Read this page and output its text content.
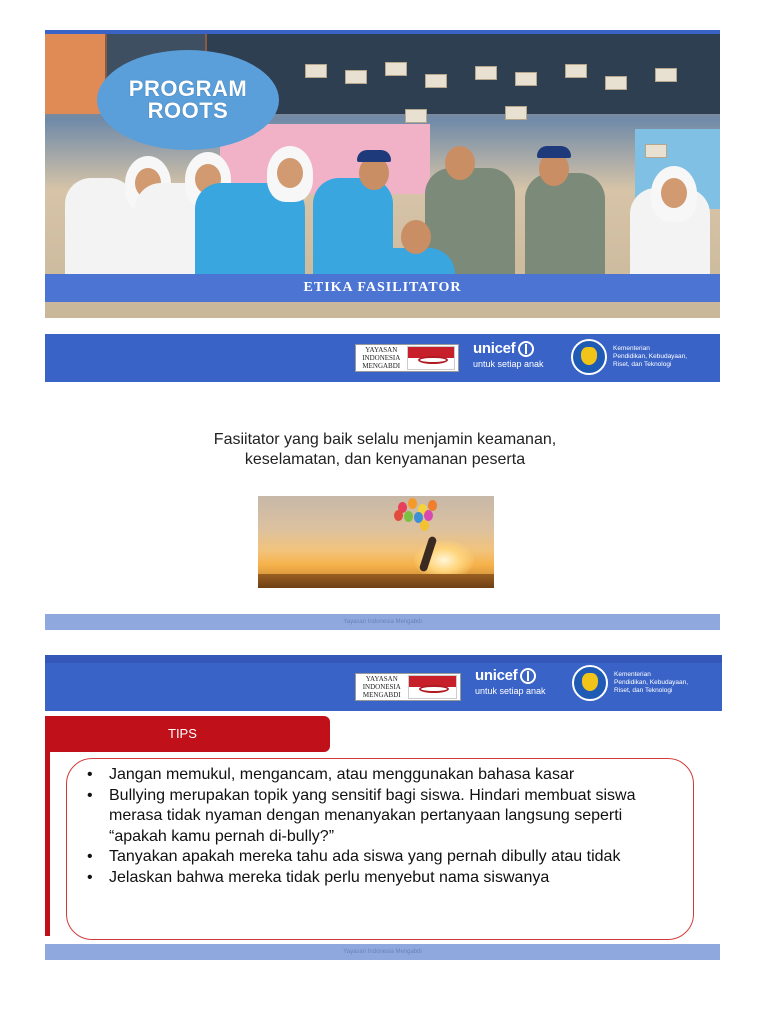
PROGRAM
ROOTS
ETIKA FASILITATOR
YAYASAN
INDONESIA
MENGABDI
unicef
untuk setiap anak
Kementerian
Pendidikan, Kebudayaan,
Riset, dan Teknologi
Fasiitator yang baik selalu menjamin keamanan,
keselamatan, dan kenyamanan peserta
Yayasan Indonesia Mengabdi
YAYASAN
INDONESIA
MENGABDI
unicef
untuk setiap anak
Kementerian
Pendidikan, Kebudayaan,
Riset, dan Teknologi
TIPS
• Jangan memukul, mengancam, atau menggunakan bahasa kasar
• Bullying merupakan topik yang sensitif bagi siswa. Hindari membuat siswa merasa tidak nyaman dengan menanyakan pertanyaan langsung seperti “apakah kamu pernah di-bully?”
• Tanyakan apakah mereka tahu ada siswa yang pernah dibully atau tidak
• Jelaskan bahwa mereka tidak perlu menyebut nama siswanya
Yayasan Indonesia Mengabdi
